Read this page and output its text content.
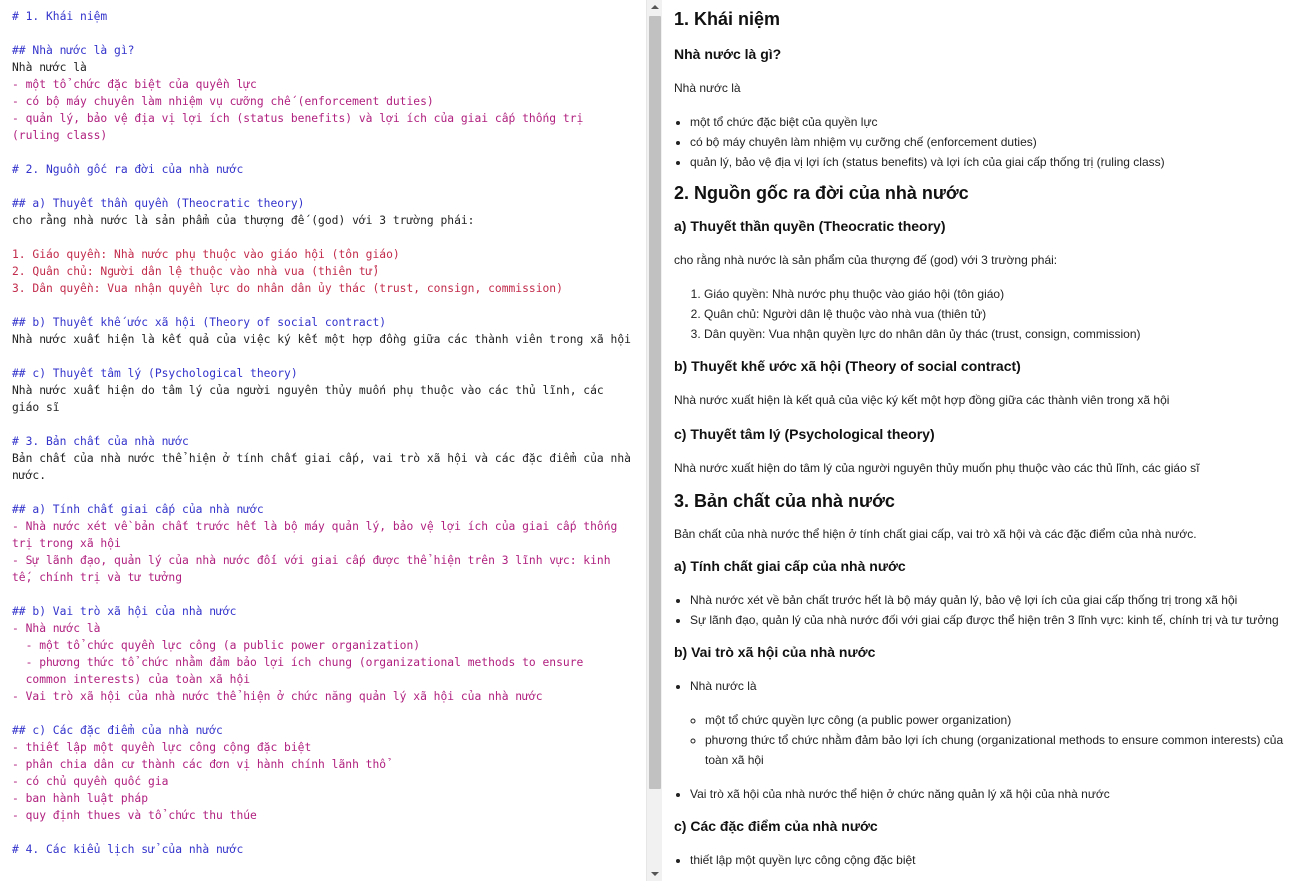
# 1. Khái niệm
## Nhà nước là gì?
Nhà nước là
- một tổ chức đặc biệt của quyền lực
- có bộ máy chuyên làm nhiệm vụ cưỡng chế (enforcement duties)
- quản lý, bảo vệ địa vị lợi ích (status benefits) và lợi ích của giai cấp thống trị (ruling class)
# 2. Nguồn gốc ra đời của nhà nước
## a) Thuyết thần quyền (Theocratic theory)
cho rằng nhà nước là sản phẩm của thượng đế (god) với 3 trường phái:
1. Giáo quyền: Nhà nước phụ thuộc vào giáo hội (tôn giáo)
2. Quân chủ: Người dân lệ thuộc vào nhà vua (thiên tử)
3. Dân quyền: Vua nhận quyền lực do nhân dân ủy thác (trust, consign, commission)
## b) Thuyết khế ước xã hội (Theory of social contract)
Nhà nước xuất hiện là kết quả của việc ký kết một hợp đồng giữa các thành viên trong xã hội
## c) Thuyết tâm lý (Psychological theory)
Nhà nước xuất hiện do tâm lý của người nguyên thủy muốn phụ thuộc vào các thủ lĩnh, các giáo sĩ
# 3. Bản chất của nhà nước
Bản chất của nhà nước thể hiện ở tính chất giai cấp, vai trò xã hội và các đặc điểm của nhà nước.
## a) Tính chất giai cấp của nhà nước
- Nhà nước xét về bản chất trước hết là bộ máy quản lý, bảo vệ lợi ích của giai cấp thống trị trong xã hội
- Sự lãnh đạo, quản lý của nhà nước đối với giai cấp được thể hiện trên 3 lĩnh vực: kinh tế, chính trị và tư tưởng
## b) Vai trò xã hội của nhà nước
- Nhà nước là
- một tổ chức quyền lực công (a public power organization)
- phương thức tổ chức nhằm đảm bảo lợi ích chung (organizational methods to ensure
common interests) của toàn xã hội
- Vai trò xã hội của nhà nước thể hiện ở chức năng quản lý xã hội của nhà nước
## c) Các đặc điểm của nhà nước
- thiết lập một quyền lực công cộng đặc biệt
- phân chia dân cư thành các đơn vị hành chính lãnh thổ
- có chủ quyền quốc gia
- ban hành luật pháp
- quy định thues và tổ chức thu thúe
# 4. Các kiểu lịch sử của nhà nước
1. Khái niệm
Nhà nước là gì?

Nhà nước là

• một tổ chức đặc biệt của quyền lực
• có bộ máy chuyên làm nhiệm vụ cưỡng chế (enforcement duties)
• quản lý, bảo vệ địa vị lợi ích (status benefits) và lợi ích của giai cấp thống trị (ruling class)
2. Nguồn gốc ra đời của nhà nước
a) Thuyết thần quyền (Theocratic theory)

cho rằng nhà nước là sản phẩm của thượng đế (god) với 3 trường phái:

1. Giáo quyền: Nhà nước phụ thuộc vào giáo hội (tôn giáo)
2. Quân chủ: Người dân lệ thuộc vào nhà vua (thiên tử)
3. Dân quyền: Vua nhận quyền lực do nhân dân ủy thác (trust, consign, commission)
b) Thuyết khế ước xã hội (Theory of social contract)

Nhà nước xuất hiện là kết quả của việc ký kết một hợp đồng giữa các thành viên trong xã hội

c) Thuyết tâm lý (Psychological theory)

Nhà nước xuất hiện do tâm lý của người nguyên thủy muốn phụ thuộc vào các thủ lĩnh, các giáo sĩ

3. Bản chất của nhà nước

Bản chất của nhà nước thể hiện ở tính chất giai cấp, vai trò xã hội và các đặc điểm của nhà nước.

a) Tính chất giai cấp của nhà nước
• Nhà nước xét về bản chất trước hết là bộ máy quản lý, bảo vệ lợi ích của giai cấp thống trị trong xã hội
• Sự lãnh đạo, quản lý của nhà nước đối với giai cấp được thể hiện trên 3 lĩnh vực: kinh tế, chính trị và tư tưởng
b) Vai trò xã hội của nhà nước
• Nhà nước là
◦ một tổ chức quyền lực công (a public power organization)
◦ phương thức tổ chức nhằm đảm bảo lợi ích chung (organizational methods to ensure common interests) của toàn xã hội
• Vai trò xã hội của nhà nước thể hiện ở chức năng quản lý xã hội của nhà nước
c) Các đặc điểm của nhà nước
• thiết lập một quyền lực công cộng đặc biệt
